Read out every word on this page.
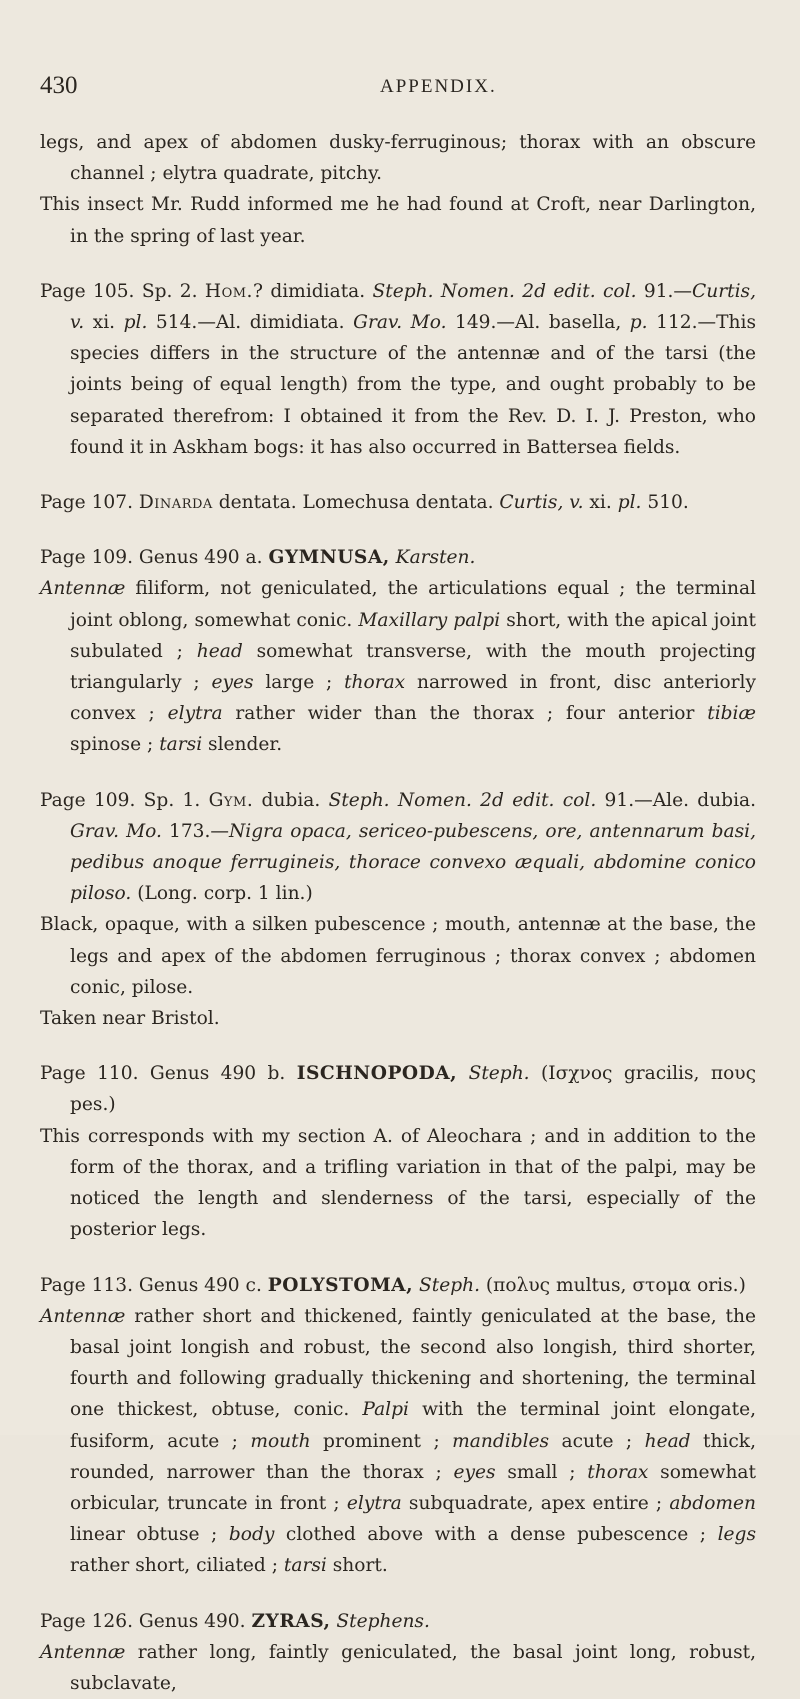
430	APPENDIX.

legs, and apex of abdomen dusky-ferruginous; thorax with an obscure channel ; elytra quadrate, pitchy.

This insect Mr. Rudd informed me he had found at Croft, near Darlington, in the spring of last year.

Page 105. Sp. 2. Hom.? dimidiata. Steph. Nomen. 2d edit. col. 91.—Curtis, v. xi. pl. 514.—Al. dimidiata. Grav. Mo. 149.—Al. basella, p. 112.—This species differs in the structure of the antennæ and of the tarsi (the joints being of equal length) from the type, and ought probably to be separated therefrom: I obtained it from the Rev. D. I. J. Preston, who found it in Askham bogs: it has also occurred in Battersea fields.

Page 107. Dinarda dentata. Lomechusa dentata. Curtis, v. xi. pl. 510.

Page 109. Genus 490 a. GYMNUSA, Karsten.

Antennæ filiform, not geniculated, the articulations equal ; the terminal joint oblong, somewhat conic. Maxillary palpi short, with the apical joint subulated ; head somewhat transverse, with the mouth projecting triangularly ; eyes large ; thorax narrowed in front, disc anteriorly convex ; elytra rather wider than the thorax ; four anterior tibiæ spinose ; tarsi slender.

Page 109. Sp. 1. Gym. dubia. Steph. Nomen. 2d edit. col. 91.—Ale. dubia. Grav. Mo. 173.—Nigra opaca, sericeo-pubescens, ore, antennarum basi, pedibus anoque ferrugineis, thorace convexo æquali, abdomine conico piloso. (Long. corp. 1 lin.)

Black, opaque, with a silken pubescence ; mouth, antennæ at the base, the legs and apex of the abdomen ferruginous ; thorax convex ; abdomen conic, pilose.

Taken near Bristol.

Page 110. Genus 490 b. ISCHNOPODA, Steph. (Ισχνος gracilis, πους pes.)

This corresponds with my section A. of Aleochara ; and in addition to the form of the thorax, and a trifling variation in that of the palpi, may be noticed the length and slenderness of the tarsi, especially of the posterior legs.

Page 113. Genus 490 c. POLYSTOMA, Steph. (πολυς multus, στομα oris.)

Antennæ rather short and thickened, faintly geniculated at the base, the basal joint longish and robust, the second also longish, third shorter, fourth and following gradually thickening and shortening, the terminal one thickest, obtuse, conic. Palpi with the terminal joint elongate, fusiform, acute ; mouth prominent ; mandibles acute ; head thick, rounded, narrower than the thorax ; eyes small ; thorax somewhat orbicular, truncate in front ; elytra subquadrate, apex entire ; abdomen linear obtuse ; body clothed above with a dense pubescence ; legs rather short, ciliated ; tarsi short.

Page 126. Genus 490. ZYRAS, Stephens.

Antennæ rather long, faintly geniculated, the basal joint long, robust, subclavate,
